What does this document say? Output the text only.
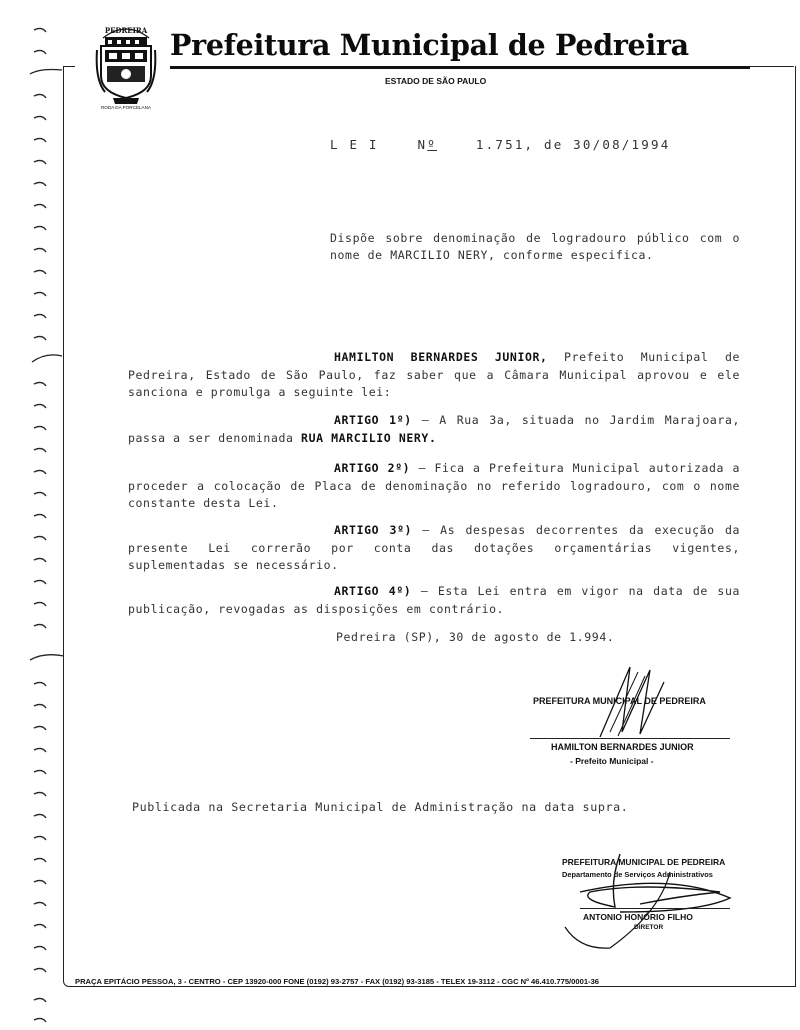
PEDREIRA
RODA DA PORCELANA
Prefeitura Municipal de Pedreira
ESTADO DE SÃO PAULO
L E I	Nº	1.751, de 30/08/1994
Dispõe sobre denominação de logradouro público com o nome de MARCILIO NERY, conforme especifica.
HAMILTON BERNARDES JUNIOR, Prefeito Municipal de Pedreira, Estado de São Paulo, faz saber que a Câmara Municipal aprovou e ele sanciona e promulga a seguinte lei:
ARTIGO 1º) – A Rua 3a, situada no Jardim Marajoara, passa a ser denominada RUA MARCILIO NERY.
ARTIGO 2º) – Fica a Prefeitura Municipal autorizada a proceder a colocação de Placa de denominação no referido logradouro, com o nome constante desta Lei.
ARTIGO 3º) – As despesas decorrentes da execução da presente Lei correrão por conta das dotações orçamentárias vigentes, suplementadas se necessário.
ARTIGO 4º) – Esta Lei entra em vigor na data de sua publicação, revogadas as disposições em contrário.
Pedreira (SP), 30 de agosto de 1.994.
PREFEITURA MUNICIPAL DE PEDREIRA
HAMILTON BERNARDES JUNIOR
- Prefeito Municipal -
Publicada na Secretaria Municipal de Administração na data supra.
PREFEITURA MUNICIPAL DE PEDREIRA
Departamento de Serviços Administrativos
ANTONIO HONÓRIO FILHO
DIRETOR
PRAÇA EPITÁCIO PESSOA, 3 - CENTRO - CEP 13920-000 FONE (0192) 93-2757 - FAX (0192) 93-3185 - TELEX 19-3112 - CGC Nº 46.410.775/0001-36
